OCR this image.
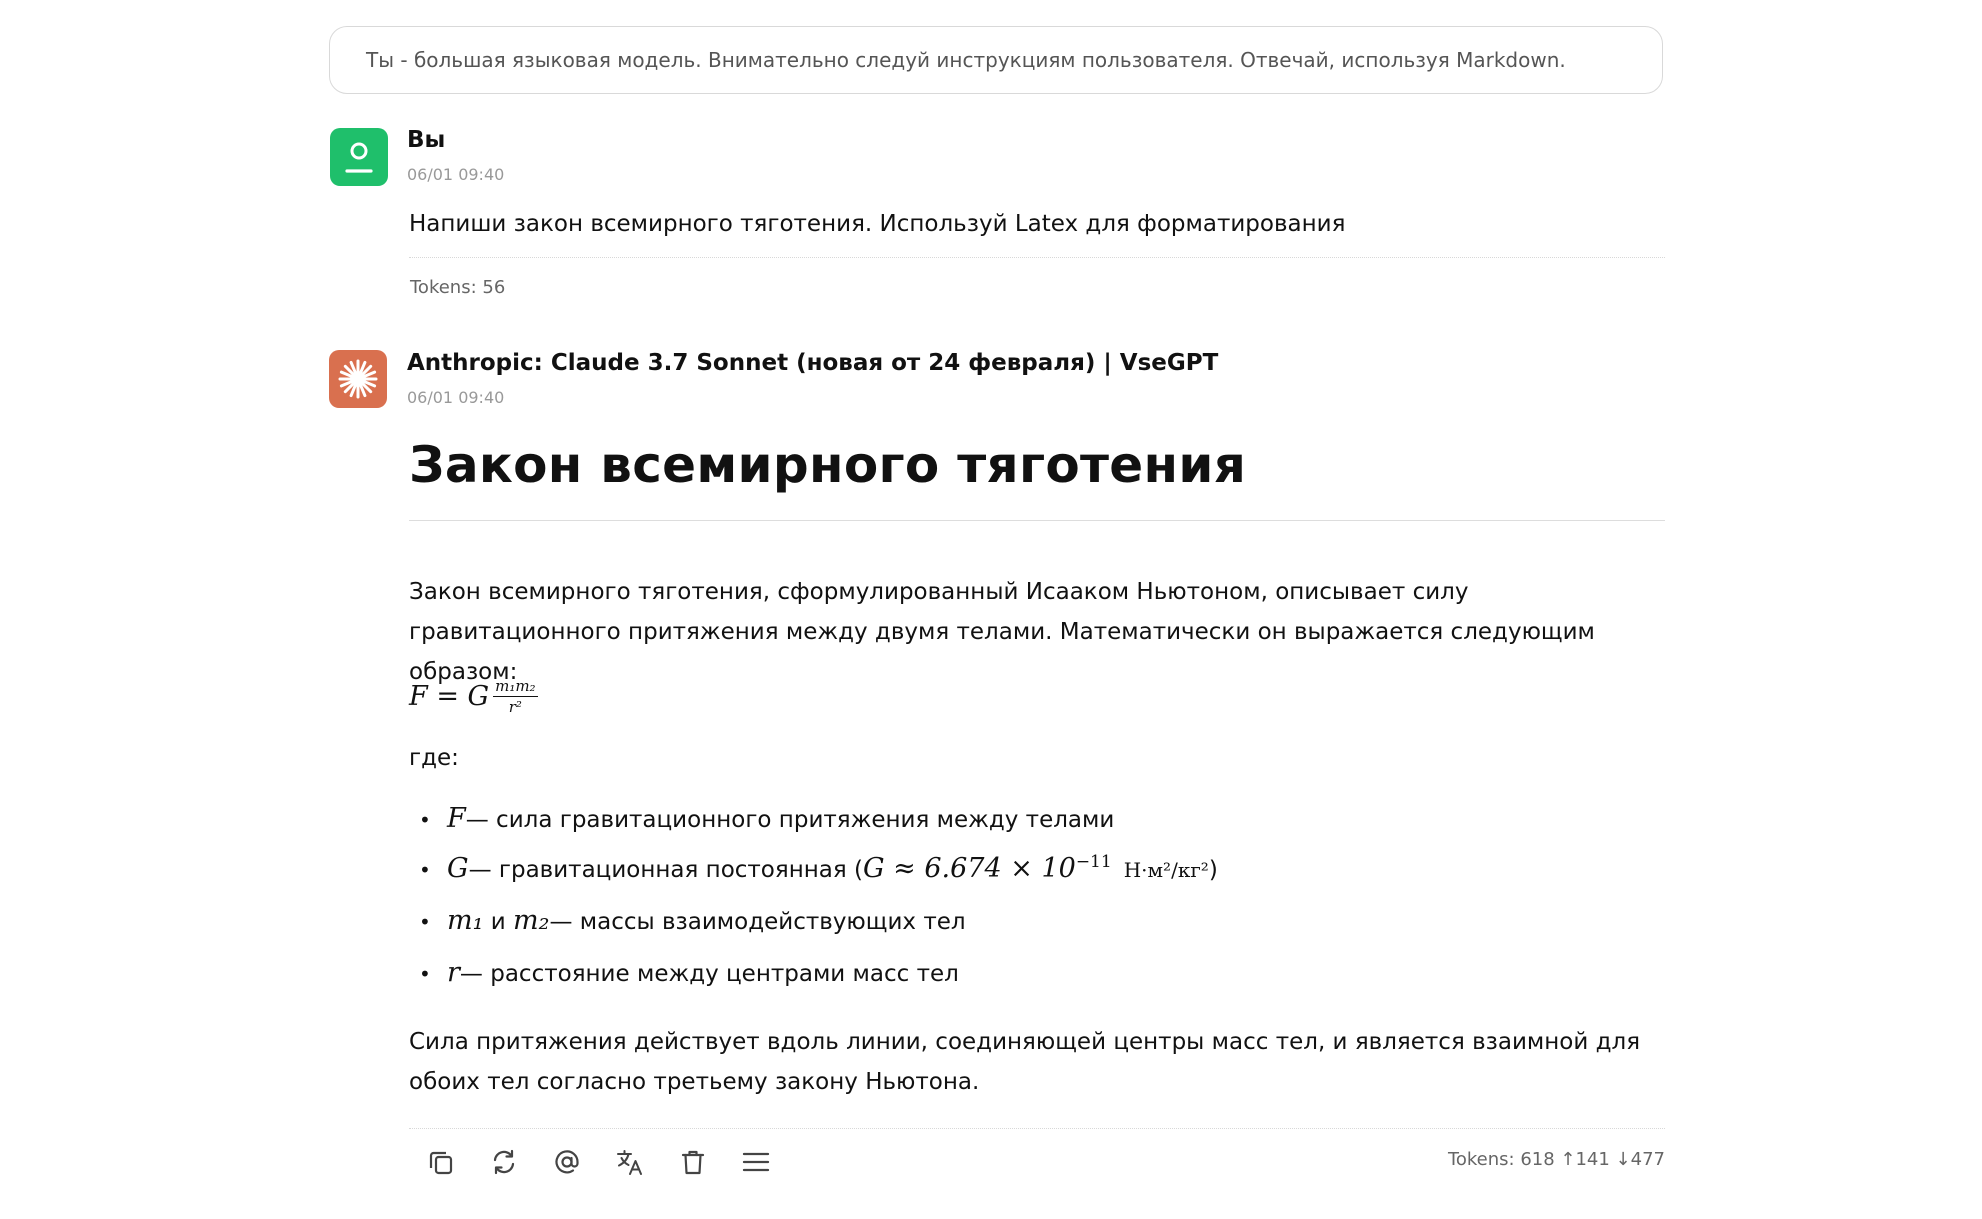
Ты - большая языковая модель. Внимательно следуй инструкциям пользователя. Отвечай, используя Markdown.
Вы
06/01 09:40
Напиши закон всемирного тяготения. Используй Latex для форматирования
Tokens: 56
Anthropic: Claude 3.7 Sonnet (новая от 24 февраля) | VseGPT
06/01 09:40
Закон всемирного тяготения

Закон всемирного тяготения, сформулированный Исааком Ньютоном, описывает силу гравитационного притяжения между двумя телами. Математически он выражается следующим образом:

F = G $\frac{\text{m₁m₂}}{\text{r²}}$

где:

• F — сила гравитационного притяжения между телами
• G — гравитационная постоянная ( $G \approx 6.674 \times 10^{-11}$ Н·м²/кг² )
• m₁ и m₂ — массы взаимодействующих тел
• r — расстояние между центрами масс тел

Сила притяжения действует вдоль линии, соединяющей центры масс тел, и является взаимной для обоих тел согласно третьему закону Ньютона.

Tokens: 618 ↑141 ↓477
